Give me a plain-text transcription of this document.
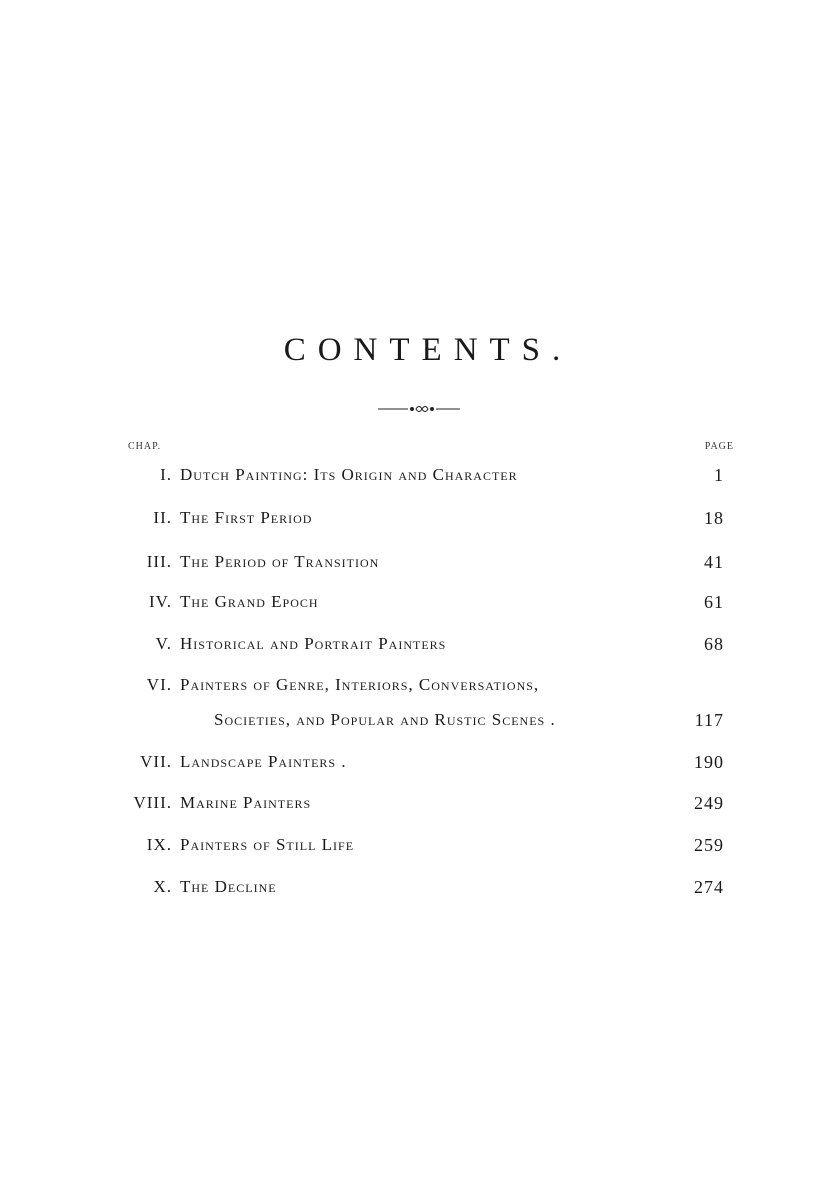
CONTENTS.
CHAP.	PAGE
I. Dutch Painting: Its Origin and Character	1
II. The First Period	18
III. The Period of Transition	41
IV. The Grand Epoch	61
V. Historical and Portrait Painters	68
VI. Painters of Genre, Interiors, Conversations,
Societies, and Popular and Rustic Scenes .	117
VII. Landscape Painters .	190
VIII. Marine Painters	249
IX. Painters of Still Life	259
X. The Decline	274
